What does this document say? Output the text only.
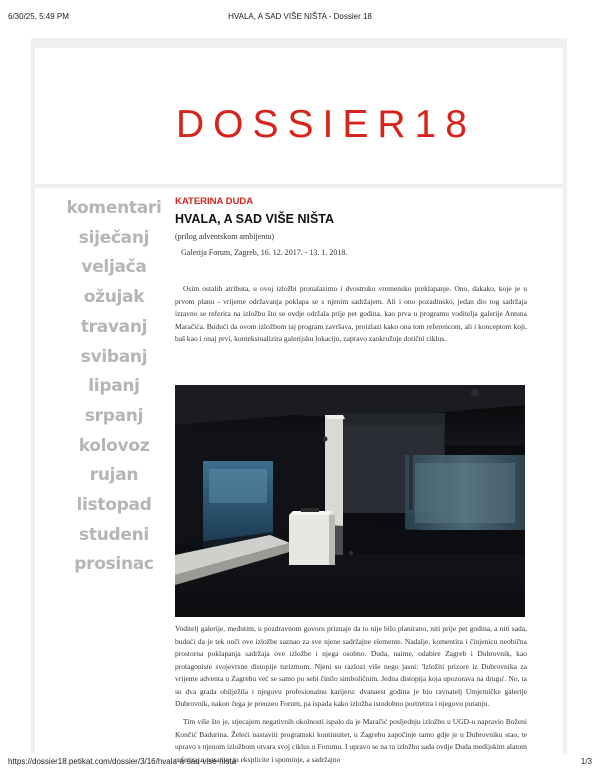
6/30/25, 5:49 PM	HVALA, A SAD VIŠE NIŠTA - Dossier 18
DOSSIER18
komentari
siječanj
veljača
ožujak
travanj
svibanj
lipanj
srpanj
kolovoz
rujan
listopad
studeni
prosinac
KATERINA DUDA
HVALA, A SAD VIŠE NIŠTA
(prilog adventskom ambijentu)
Galerija Forum, Zagreb, 16. 12. 2017. - 13. 1. 2018.

Osim ostalih atributa, u ovoj izložbi pronalazimo i dvostruko vremensko preklapanje. Ono, dakako, koje je u prvom planu - vrijeme održavanja poklapa se s njenim sadržajem. Ali i ono pozadinsko, jedan dio tog sadržaja izravno se referira na izložbu što se ovdje održala prije pet godina, kao prva u programu voditelja galerije Antuna Maračića. Budući da ovom izložbom taj program završava, proizlazi kako ona tom referencom, ali i konceptom koji, baš kao i onaj prvi, kontekstualizira galerijsku lokaciju, zapravo zaokružuje dotični ciklus.

Voditelj galerije, međutim, u pozdravnom govoru priznaje da to nije bilo planirano, niti prije pet godina, a niti sada, budući da je tek uoči ove izložbe saznao za sve njene sadržajne elemente. Nadalje, komentira i činjenicu neobična prostorna poklapanja sadržaja ove izložbe i njega osobno. Duda, naime, odabire Zagreb i Dubrovnik, kao protagoniste svojevrsne distopije turizmom. Njeni su razlozi više nego jasni: 'Izložiti prizore iz Dubrovnika za vrijeme adventa u Zagrebu već se samo po sebi činilo simboličnim. Jedna distopija koja upozorava na drugu'. No, ta su dva grada obilježila i njegovu profesionalnu karijeru: dvanaest godina je bio ravnatelj Umjetničke galerije Dubrovnik, nakon čega je preuzeo Forum, pa ispada kako izložba istodobno portretira i njegovu putanju.

Tim više što je, stjecajem negativnih okolnosti ispalo da je Maračić posljednju izložbu u UGD-u napravio Boženi Končić Badurina. Želeći nastaviti programski kontinuitet, u Zagrebu započinje tamo gdje je u Dubrovniku stao, te upravo s njenom izložbom otvara svoj ciklus u Forumu. I upravo se na tu izložbu sada ovdje Duda medijskim alatom referira, u narativu ju eksplicite i spominje, a sadržajno

https://dossier18.petikat.com/dossier/3/16/hvala-a-sad-vise-nista	1/3
